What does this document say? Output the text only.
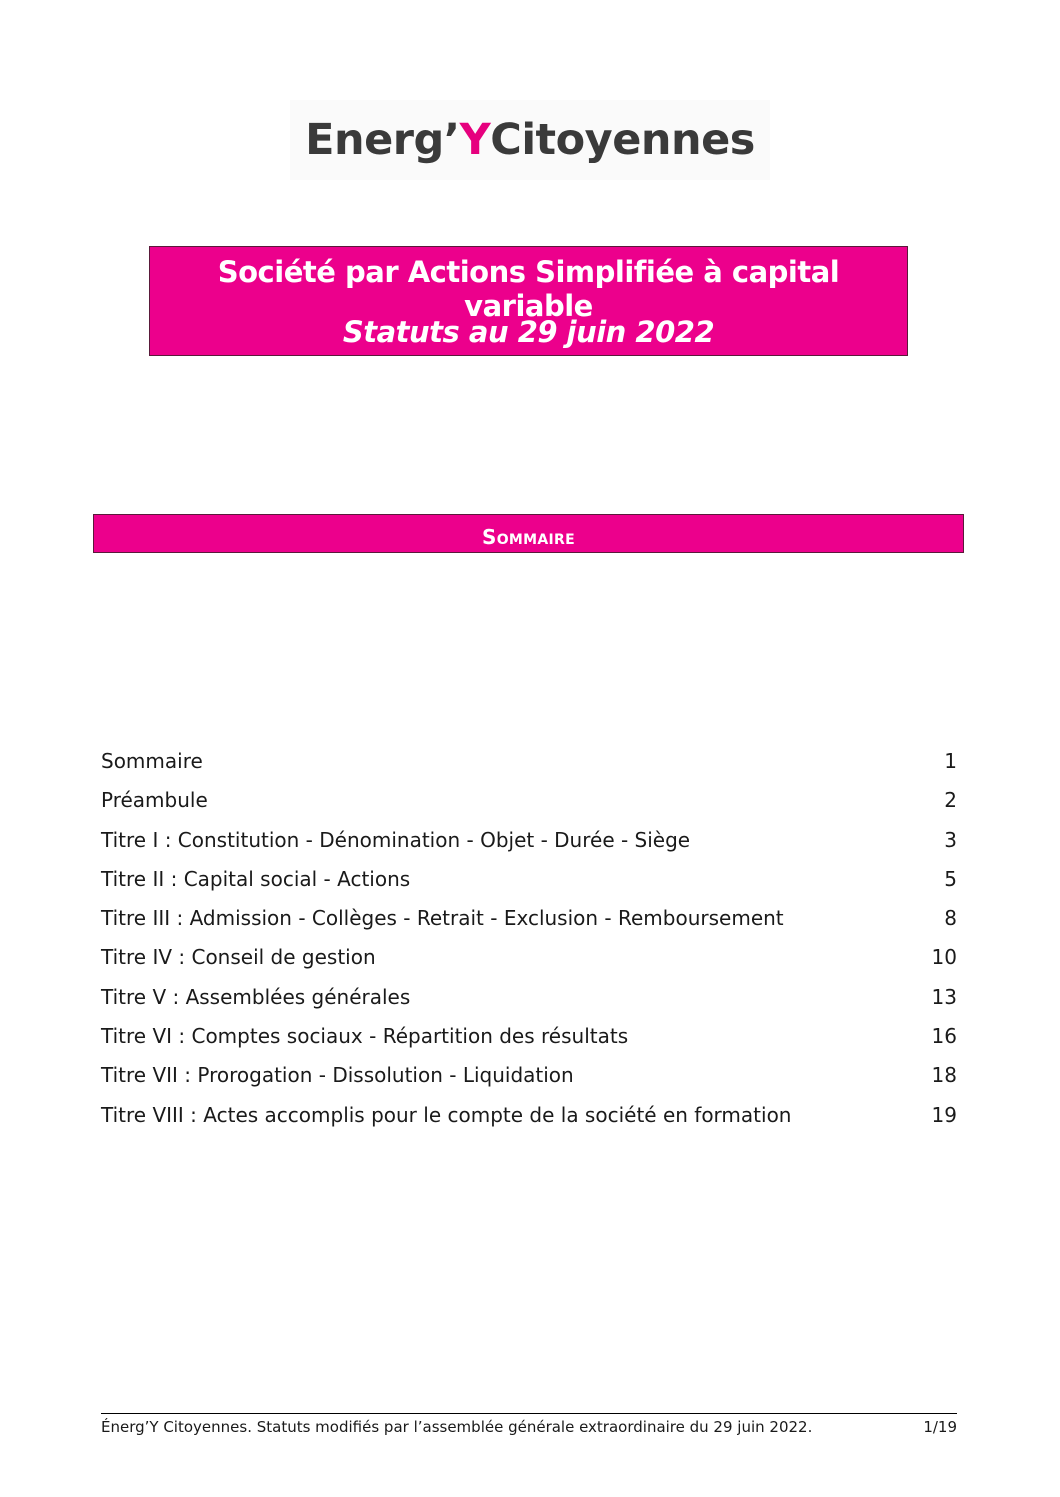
Energ’ Y Citoyennes
Société par Actions Simplifiée à capital variable
Statuts au 29 juin 2022
Sommaire
Sommaire	1
Préambule	2
Titre I : Constitution - Dénomination - Objet - Durée - Siège	3
Titre II : Capital social - Actions	5
Titre III : Admission - Collèges - Retrait - Exclusion - Remboursement	8
Titre IV : Conseil de gestion	10
Titre V : Assemblées générales	13
Titre VI : Comptes sociaux - Répartition des résultats	16
Titre VII : Prorogation - Dissolution - Liquidation	18
Titre VIII : Actes accomplis pour le compte de la société en formation	19
Énerg’Y Citoyennes. Statuts modifiés par l’assemblée générale extraordinaire du 29 juin 2022.	1/19
